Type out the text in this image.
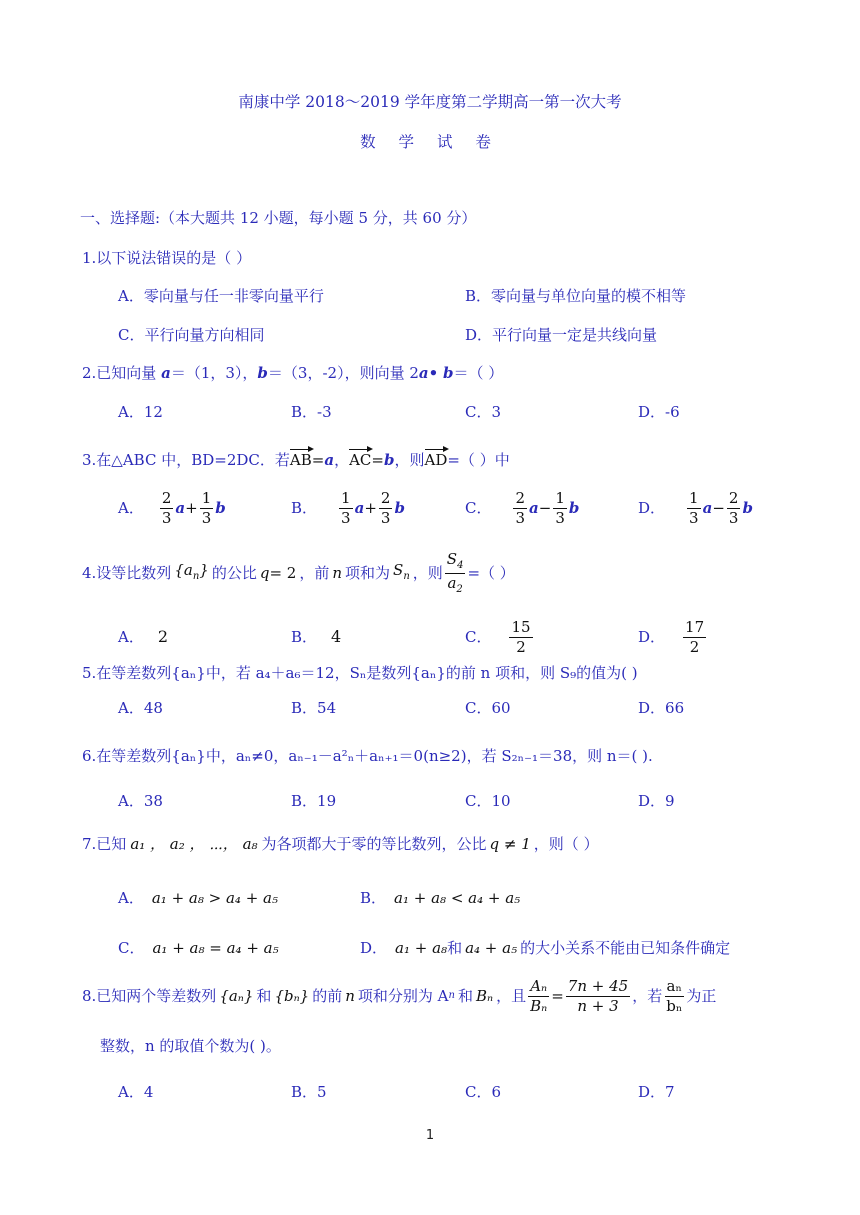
南康中学 2018～2019 学年度第二学期高一第一次大考
数 学 试 卷
一、选择题:（本大题共 12 小题，每小题 5 分，共 60 分）
1.以下说法错误的是（ ）
A．零向量与任一非零向量平行	B．零向量与单位向量的模不相等
C．平行向量方向相同	D．平行向量一定是共线向量
2.已知向量 a＝（1，3），b＝（3，-2），则向量 2a• b＝（ ）
A．12	B．-3	C．3	D．-6
3.在△ABC 中，BD=2DC．若AB=a，AC=b，则AD=（ ）中
A． $\frac{2}{3}$ $a + \frac{1}{3}$ b	B． $\frac{1}{3}$ $a + \frac{2}{3}$ b	C． $\frac{2}{3}$ $a - \frac{1}{3}$ b	D． $\frac{1}{3}$ $a - \frac{2}{3}$ b
4.设等比数列 $\{a_n\}$ 的公比 q = 2 ，前 n 项和为 $S_n$ ，则 $\frac{S_4}{a_2}$ =（ ）
A． 2	B． 4	C． $\frac{15}{2}$	D． $\frac{17}{2}$
5.在等差数列{aₙ}中，若 a₄＋a₆＝12，Sₙ是数列{aₙ}的前 n 项和，则 S₉的值为( )
A．48	B．54	C．60	D．66
6.在等差数列{aₙ}中，aₙ≠0，aₙ₋₁－a²ₙ＋aₙ₊₁＝0(n≥2)，若 S₂ₙ₋₁＝38，则 n＝( ).
A．38	B．19	C．10	D．9
7.已知 a₁ ， a₂ ， ⋯， a₈ 为各项都大于零的等比数列，公比 q ≠ 1 ，则（ ）
A． a₁ + a₈ > a₄ + a₅	B． a₁ + a₈ < a₄ + a₅
C． a₁ + a₈ = a₄ + a₅	D． a₁ + a₈和 a₄ + a₅ 的大小关系不能由已知条件确定
8.已知两个等差数列 {aₙ} 和 {bₙ} 的前 n 项和分别为 A n 和 Bₙ ，且 $\frac{\text{Aₙ}}{\text{Bₙ}} = \frac{7n + 45}{n + 3}$ ，若 $\frac{\text{aₙ}}{\text{bₙ}}$ 为正
整数，n 的取值个数为( )。
A．4	B．5	C．6	D．7
1
